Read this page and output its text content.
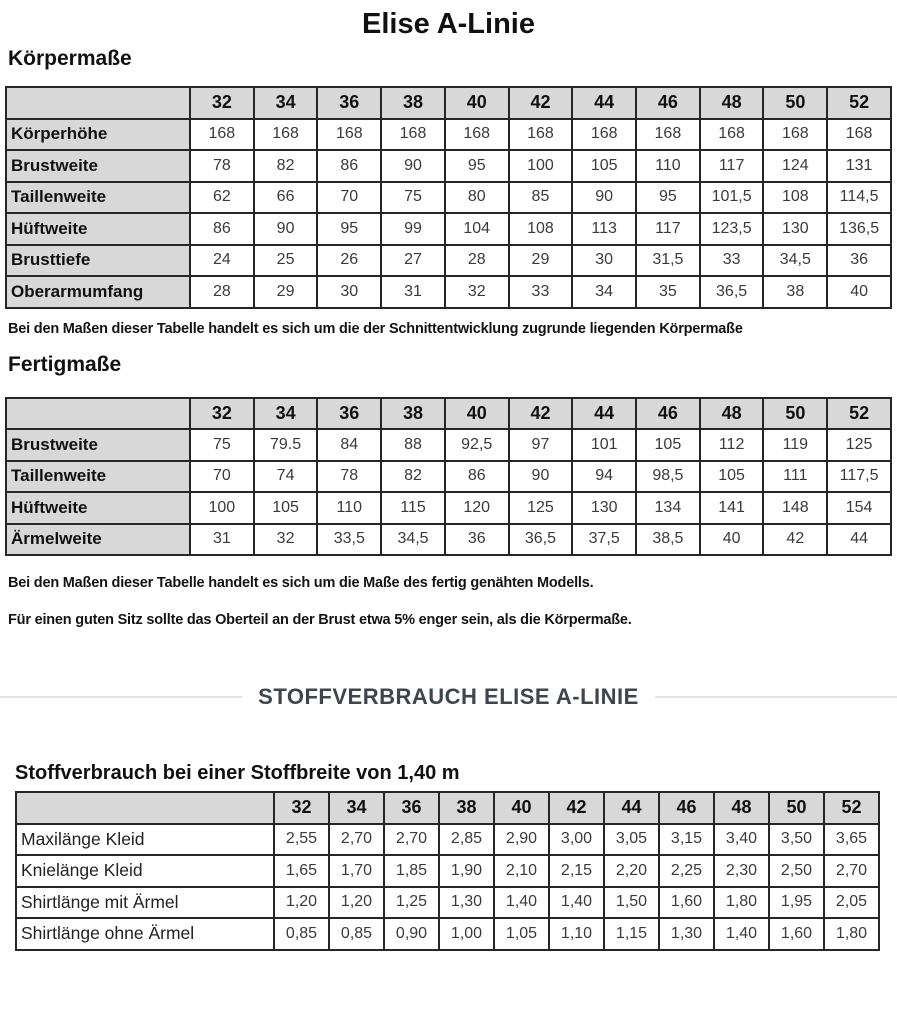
Elise A-Linie
Körpermaße
	32	34	36	38	40	42	44	46	48	50	52
Körperhöhe	168	168	168	168	168	168	168	168	168	168	168
Brustweite	78	82	86	90	95	100	105	110	117	124	131
Taillenweite	62	66	70	75	80	85	90	95	101,5	108	114,5
Hüftweite	86	90	95	99	104	108	113	117	123,5	130	136,5
Brusttiefe	24	25	26	27	28	29	30	31,5	33	34,5	36
Oberarmumfang	28	29	30	31	32	33	34	35	36,5	38	40

Bei den Maßen dieser Tabelle handelt es sich um die der Schnittentwicklung zugrunde liegenden Körpermaße

Fertigmaße
	32	34	36	38	40	42	44	46	48	50	52
Brustweite	75	79.5	84	88	92,5	97	101	105	112	119	125
Taillenweite	70	74	78	82	86	90	94	98,5	105	111	117,5
Hüftweite	100	105	110	115	120	125	130	134	141	148	154
Ärmelweite	31	32	33,5	34,5	36	36,5	37,5	38,5	40	42	44

Bei den Maßen dieser Tabelle handelt es sich um die Maße des fertig genähten Modells.

Für einen guten Sitz sollte das Oberteil an der Brust etwa 5% enger sein, als die Körpermaße.

STOFFVERBRAUCH ELISE A-LINIE
Stoffverbrauch bei einer Stoffbreite von 1,40 m
	32	34	36	38	40	42	44	46	48	50	52
Maxilänge Kleid	2,55	2,70	2,70	2,85	2,90	3,00	3,05	3,15	3,40	3,50	3,65
Knielänge Kleid	1,65	1,70	1,85	1,90	2,10	2,15	2,20	2,25	2,30	2,50	2,70
Shirtlänge mit Ärmel	1,20	1,20	1,25	1,30	1,40	1,40	1,50	1,60	1,80	1,95	2,05
Shirtlänge ohne Ärmel	0,85	0,85	0,90	1,00	1,05	1,10	1,15	1,30	1,40	1,60	1,80
